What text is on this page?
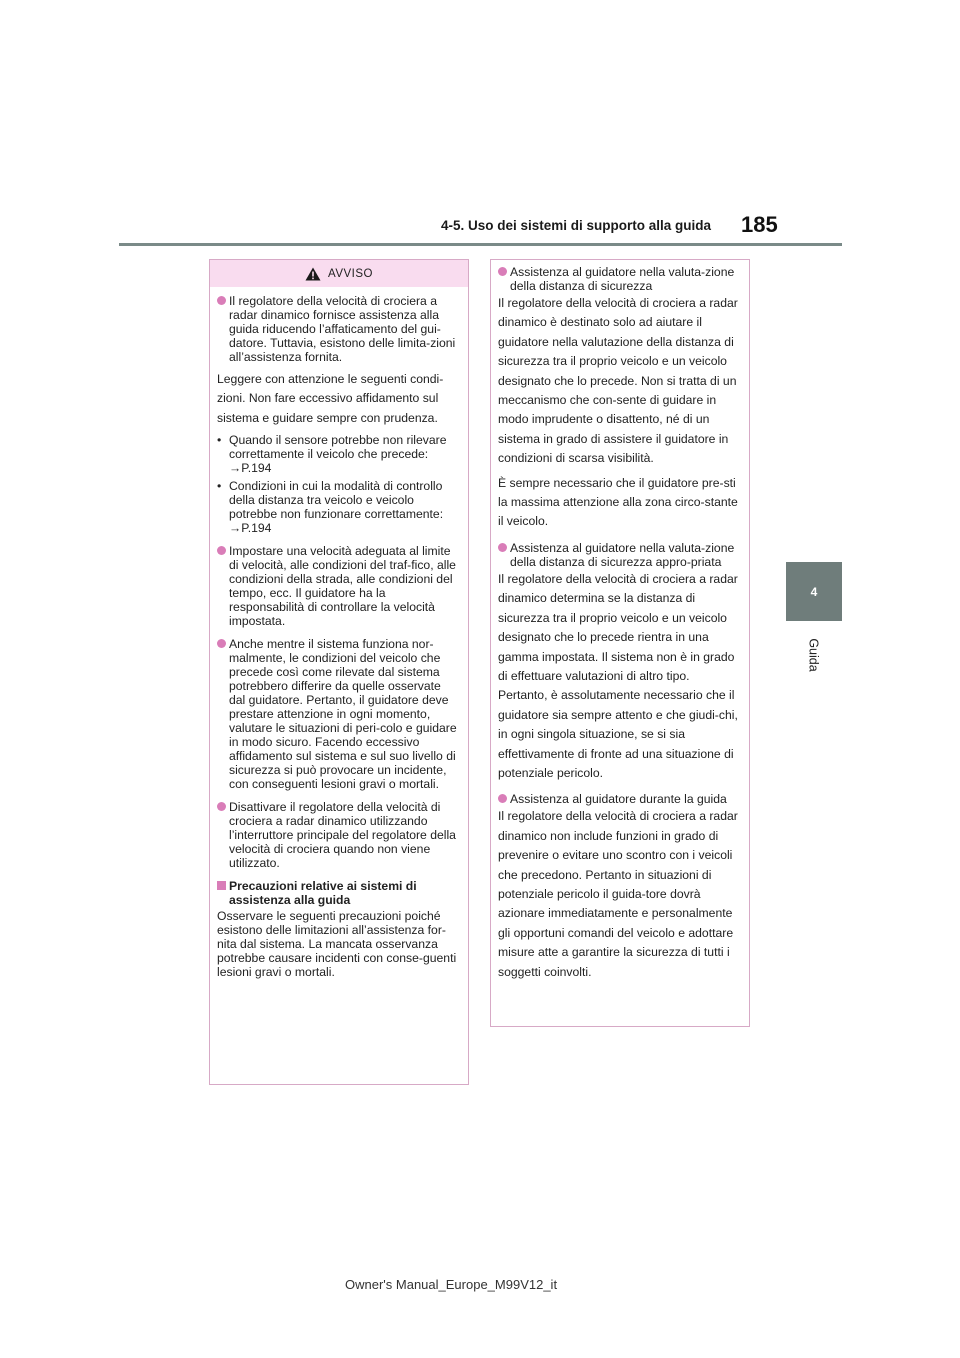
4-5. Uso dei sistemi di supporto alla guida 185
4
Guida
AVVISO
Il regolatore della velocità di crociera a radar dinamico fornisce assistenza alla guida riducendo l’affaticamento del gui-datore. Tuttavia, esistono delle limita-zioni all’assistenza fornita.

Leggere con attenzione le seguenti condi-zioni. Non fare eccessivo affidamento sul sistema e guidare sempre con prudenza.

• Quando il sensore potrebbe non rilevare correttamente il veicolo che precede:
→P.194
• Condizioni in cui la modalità di controllo della distanza tra veicolo e veicolo potrebbe non funzionare correttamente:
→P.194
Impostare una velocità adeguata al limite di velocità, alle condizioni del traf-fico, alle condizioni della strada, alle condizioni del tempo, ecc. Il guidatore ha la responsabilità di controllare la velocità impostata.
Anche mentre il sistema funziona nor-malmente, le condizioni del veicolo che precede così come rilevate dal sistema potrebbero differire da quelle osservate dal guidatore. Pertanto, il guidatore deve prestare attenzione in ogni momento, valutare le situazioni di peri-colo e guidare in modo sicuro. Facendo eccessivo affidamento sul sistema e sul suo livello di sicurezza si può provocare un incidente, con conseguenti lesioni gravi o mortali.
Disattivare il regolatore della velocità di crociera a radar dinamico utilizzando l’interruttore principale del regolatore della velocità di crociera quando non viene utilizzato.
Precauzioni relative ai sistemi di assistenza alla guida

Osservare le seguenti precauzioni poiché esistono delle limitazioni all’assistenza for-nita dal sistema. La mancata osservanza potrebbe causare incidenti con conse-guenti lesioni gravi o mortali.

Assistenza al guidatore nella valuta-zione della distanza di sicurezza

Il regolatore della velocità di crociera a radar dinamico è destinato solo ad aiutare il guidatore nella valutazione della distanza di sicurezza tra il proprio veicolo e un veicolo designato che lo precede. Non si tratta di un meccanismo che con-sente di guidare in modo imprudente o disattento, né di un sistema in grado di assistere il guidatore in condizioni di scarsa visibilità.

È sempre necessario che il guidatore pre-sti la massima attenzione alla zona circo-stante il veicolo.

Assistenza al guidatore nella valuta-zione della distanza di sicurezza appro-priata

Il regolatore della velocità di crociera a radar dinamico determina se la distanza di sicurezza tra il proprio veicolo e un veicolo designato che lo precede rientra in una gamma impostata. Il sistema non è in grado di effettuare valutazioni di altro tipo. Pertanto, è assolutamente necessario che il guidatore sia sempre attento e che giudi-chi, in ogni singola situazione, se si sia effettivamente di fronte ad una situazione di potenziale pericolo.

Assistenza al guidatore durante la guida

Il regolatore della velocità di crociera a radar dinamico non include funzioni in grado di prevenire o evitare uno scontro con i veicoli che precedono. Pertanto in situazioni di potenziale pericolo il guida-tore dovrà azionare immediatamente e personalmente gli opportuni comandi del veicolo e adottare misure atte a garantire la sicurezza di tutti i soggetti coinvolti.

Owner's Manual_Europe_M99V12_it
